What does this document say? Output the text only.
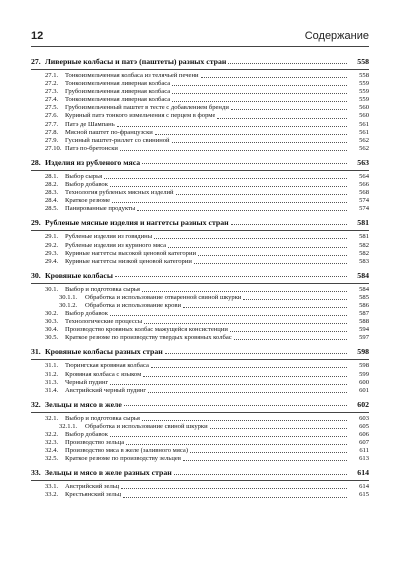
12	Содержание
27. Ливерные колбасы и патэ (паштеты) разных стран	558
27.1.	Тонкоизмельченная колбаса из телячьей печени	558
27.2.	Тонкоизмельченная ливерная колбаса	559
27.3.	Грубоизмельченная ливерная колбаса	559
27.4.	Тонкоизмельченная ливерная колбаса	559
27.5.	Грубоизмельченный паштет в тесте с добавлением бренди	560
27.6.	Куриный патэ тонкого измельчения с перцем в форме	560
27.7.	Патэ де Шампань	561
27.8.	Мясной паштет по-французски	561
27.9.	Гусиный паштет-риллет со свининой	562
27.10. Патэ по-бретонски	562
28. Изделия из рубленого мяса	563
28.1.	Выбор сырья	564
28.2.	Выбор добавок	566
28.3.	Технология рубленых мясных изделий	568
28.4.	Краткое резюме	574
28.5.	Панированные продукты	574
29. Рубленые мясные изделия и наггетсы разных стран	581
29.1.	Рубленые изделия из говядины	581
29.2.	Рубленые изделия из куриного мяса	582
29.3.	Куриные наггетсы высокой ценовой категории	582
29.4.	Куриные наггетсы низкой ценовой категории	583
30. Кровяные колбасы	584
30.1.	Выбор и подготовка сырья	584
30.1.1.	Обработка и использование отваренной свиной шкурки	585
30.1.2.	Обработка и использование крови	586
30.2.	Выбор добавок	587
30.3.	Технологические процессы	588
30.4.	Производство кровяных колбас мажущейся консистенции	594
30.5.	Краткое резюме по производству твердых кровяных колбас	597
31. Кровяные колбасы разных стран	598
31.1.	Тюрингская кровяная колбаса	598
31.2.	Кровяная колбаса с языком	599
31.3.	Черный пудинг	600
31.4.	Австрийский черный пудинг	601
32. Зельцы и мясо в желе	602
32.1.	Выбор и подготовка сырья	603
32.1.1.	Обработка и использование свиной шкурки	605
32.2.	Выбор добавок	606
32.3.	Производство зельца	607
32.4.	Производство мяса в желе (заливного мяса)	611
32.5.	Краткое резюме по производству зельцев	613
33. Зельцы и мясо в желе разных стран	614
33.1.	Австрийский зельц	614
33.2.	Крестьянский зельц	615
